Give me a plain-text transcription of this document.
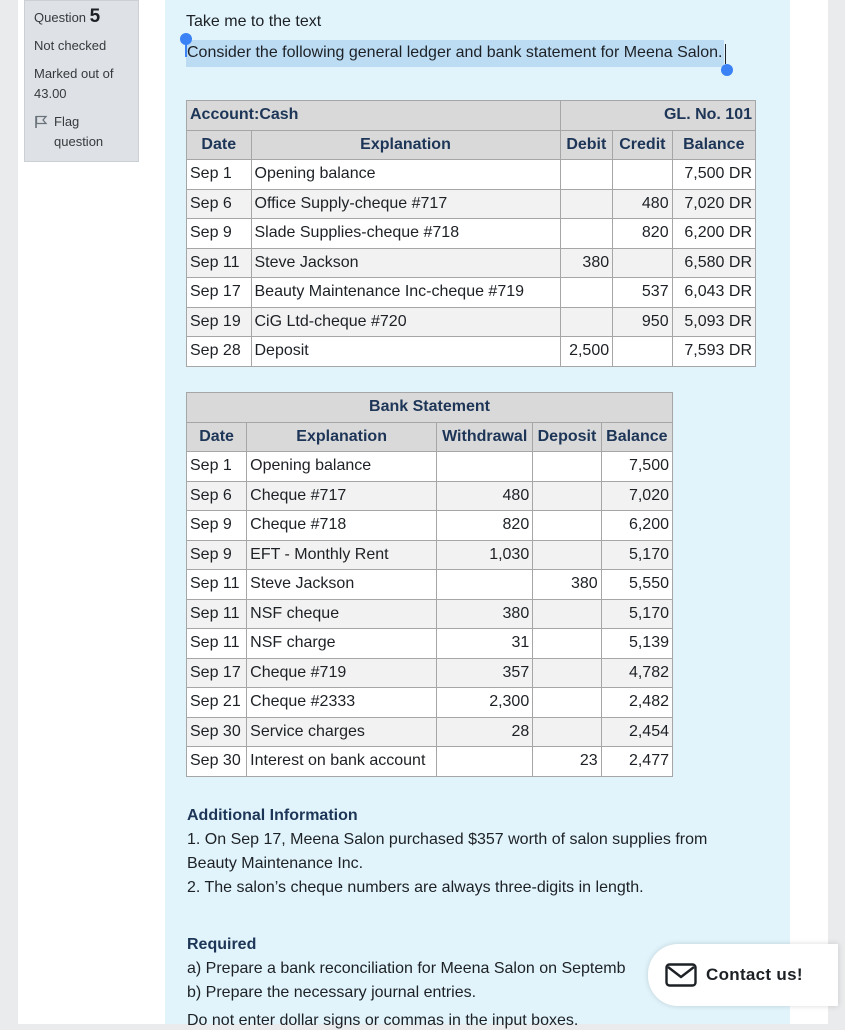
Question 5
Not checked
Marked out of
43.00
Flag
question
Take me to the text
Consider the following general ledger and bank statement for Meena Salon.
Account:Cash		GL. No. 101		
Date	Explanation	Debit	Credit	Balance
Sep 1	Opening balance			7,500 DR
Sep 6	Office Supply-cheque #717		480	7,020 DR
Sep 9	Slade Supplies-cheque #718		820	6,200 DR
Sep 11	Steve Jackson	380		6,580 DR
Sep 17	Beauty Maintenance Inc-cheque #719		537	6,043 DR
Sep 19	CiG Ltd-cheque #720		950	5,093 DR
Sep 28	Deposit	2,500		7,593 DR
Bank Statement				
Date	Explanation	Withdrawal	Deposit	Balance
Sep 1	Opening balance			7,500
Sep 6	Cheque #717	480		7,020
Sep 9	Cheque #718	820		6,200
Sep 9	EFT - Monthly Rent	1,030		5,170
Sep 11	Steve Jackson		380	5,550
Sep 11	NSF cheque	380		5,170
Sep 11	NSF charge	31		5,139
Sep 17	Cheque #719	357		4,782
Sep 21	Cheque #2333	2,300		2,482
Sep 30	Service charges	28		2,454
Sep 30	Interest on bank account		23	2,477
Additional Information
1. On Sep 17, Meena Salon purchased $357 worth of salon supplies from
Beauty Maintenance Inc.
2. The salon’s cheque numbers are always three-digits in length.
Required
a) Prepare a bank reconciliation for Meena Salon on Septemb
b) Prepare the necessary journal entries.
Do not enter dollar signs or commas in the input boxes.
Contact us!
